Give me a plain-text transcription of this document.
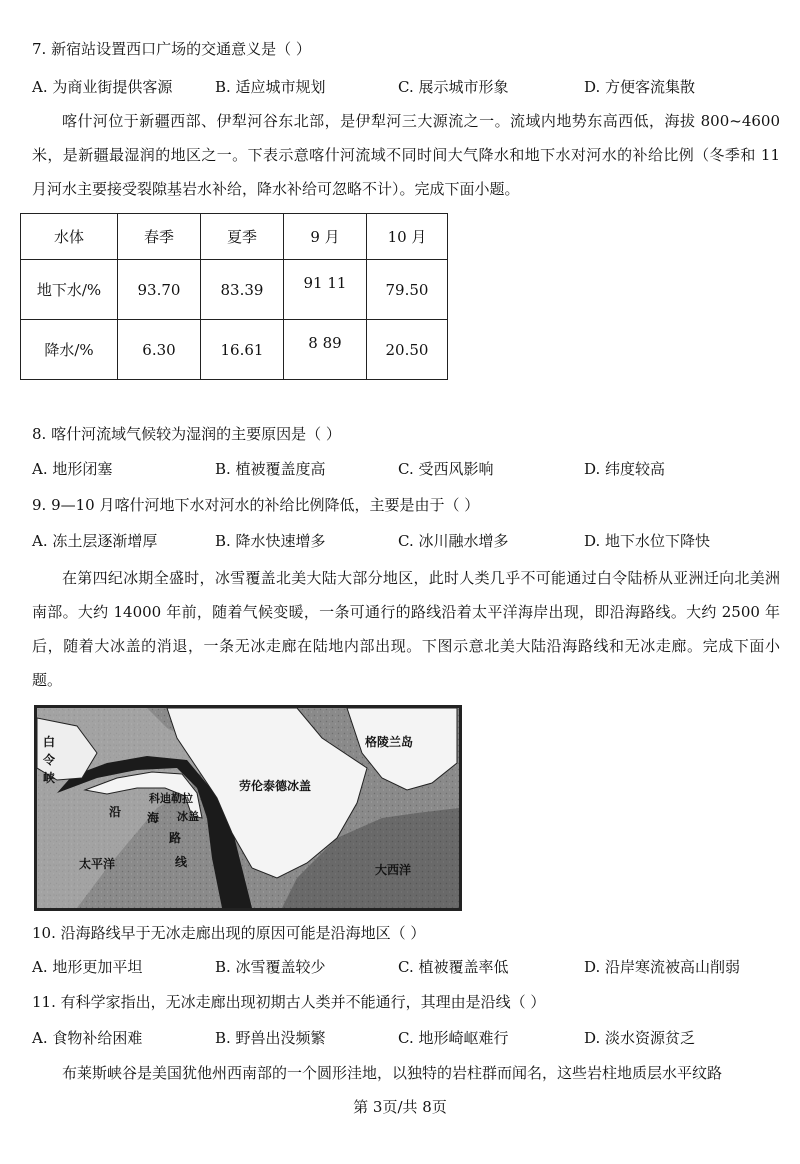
7. 新宿站设置西口广场的交通意义是（ ）
A. 为商业街提供客源	B. 适应城市规划	C. 展示城市形象	D. 方便客流集散
喀什河位于新疆西部、伊犁河谷东北部，是伊犁河三大源流之一。流域内地势东高西低，海拔 800~4600 米，是新疆最湿润的地区之一。下表示意喀什河流域不同时间大气降水和地下水对河水的补给比例（冬季和 11 月河水主要接受裂隙基岩水补给，降水补给可忽略不计）。完成下面小题。
水体	春季	夏季	9 月	10 月
地下水/%	93.70	83.39	91 11	79.50
降水/%	6.30	16.61	8 89	20.50
8. 喀什河流域气候较为湿润的主要原因是（ ）
A. 地形闭塞	B. 植被覆盖度高	C. 受西风影响	D. 纬度较高
9. 9—10 月喀什河地下水对河水的补给比例降低，主要是由于（ ）
A. 冻土层逐渐增厚	B. 降水快速增多	C. 冰川融水增多	D. 地下水位下降快
在第四纪冰期全盛时，冰雪覆盖北美大陆大部分地区，此时人类几乎不可能通过白令陆桥从亚洲迁向北美洲南部。大约 14000 年前，随着气候变暖，一条可通行的路线沿着太平洋海岸出现，即沿海路线。大约 2500 年后，随着大冰盖的消退，一条无冰走廊在陆地内部出现。下图示意北美大陆沿海路线和无冰走廊。完成下面小题。
白
令
峡
格陵兰岛
劳伦泰德冰盖
科迪勒拉
冰盖
沿 海
路
线
太平洋	大西洋
10. 沿海路线早于无冰走廊出现的原因可能是沿海地区（ ）
A. 地形更加平坦	B. 冰雪覆盖较少	C. 植被覆盖率低	D. 沿岸寒流被高山削弱
11. 有科学家指出，无冰走廊出现初期古人类并不能通行，其理由是沿线（ ）
A. 食物补给困难	B. 野兽出没频繁	C. 地形崎岖难行	D. 淡水资源贫乏
布莱斯峡谷是美国犹他州西南部的一个圆形洼地，以独特的岩柱群而闻名，这些岩柱地质层水平纹路
第 3页/共 8页
